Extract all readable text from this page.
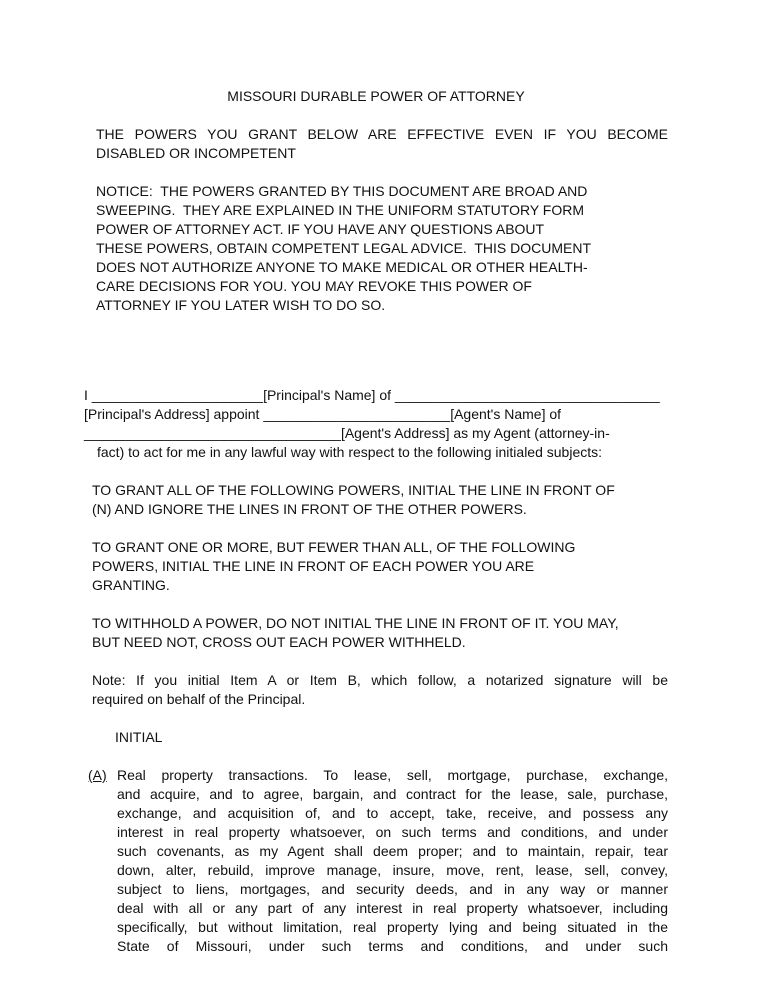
MISSOURI DURABLE POWER OF ATTORNEY
THE POWERS YOU GRANT BELOW ARE EFFECTIVE EVEN IF YOU BECOME
DISABLED OR INCOMPETENT
NOTICE:  THE POWERS GRANTED BY THIS DOCUMENT ARE BROAD AND
SWEEPING.  THEY ARE EXPLAINED IN THE UNIFORM STATUTORY FORM
POWER OF ATTORNEY ACT. IF YOU HAVE ANY QUESTIONS ABOUT
THESE POWERS, OBTAIN COMPETENT LEGAL ADVICE.  THIS DOCUMENT
DOES NOT AUTHORIZE ANYONE TO MAKE MEDICAL OR OTHER HEALTH-
CARE DECISIONS FOR YOU. YOU MAY REVOKE THIS POWER OF
ATTORNEY IF YOU LATER WISH TO DO SO.
I ______________________[Principal's Name] of __________________________________
[Principal's Address] appoint ________________________[Agent's Name] of
_________________________________[Agent's Address] as my Agent (attorney-in-
fact) to act for me in any lawful way with respect to the following initialed subjects:
TO GRANT ALL OF THE FOLLOWING POWERS, INITIAL THE LINE IN FRONT OF
(N) AND IGNORE THE LINES IN FRONT OF THE OTHER POWERS.
TO GRANT ONE OR MORE, BUT FEWER THAN ALL, OF THE FOLLOWING
POWERS, INITIAL THE LINE IN FRONT OF EACH POWER YOU ARE
GRANTING.
TO WITHHOLD A POWER, DO NOT INITIAL THE LINE IN FRONT OF IT. YOU MAY,
BUT NEED NOT, CROSS OUT EACH POWER WITHHELD.
Note: If you initial Item A or Item B, which follow, a notarized signature will be
required on behalf of the Principal.
INITIAL
(A) Real property transactions. To lease, sell, mortgage, purchase, exchange,
and acquire, and to agree, bargain, and contract for the lease, sale, purchase,
exchange, and acquisition of, and to accept, take, receive, and possess any
interest in real property whatsoever, on such terms and conditions, and under
such covenants, as my Agent shall deem proper; and to maintain, repair, tear
down, alter, rebuild, improve manage, insure, move, rent, lease, sell, convey,
subject to liens, mortgages, and security deeds, and in any way or manner
deal with all or any part of any interest in real property whatsoever, including
specifically, but without limitation, real property lying and being situated in the
State of Missouri, under such terms and conditions, and under such
